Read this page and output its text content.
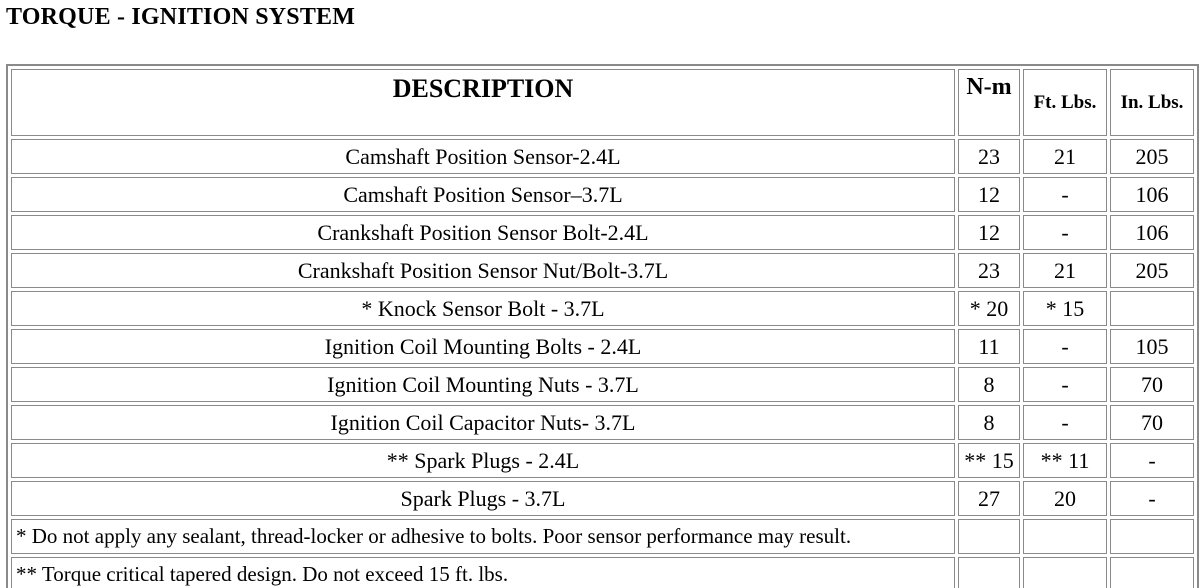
TORQUE - IGNITION SYSTEM
DESCRIPTION	N-m	Ft. Lbs.	In. Lbs.
Camshaft Position Sensor-2.4L	23	21	205
Camshaft Position Sensor–3.7L	12	-	106
Crankshaft Position Sensor Bolt-2.4L	12	-	106
Crankshaft Position Sensor Nut/Bolt-3.7L	23	21	205
* Knock Sensor Bolt - 3.7L	* 20	* 15	
Ignition Coil Mounting Bolts - 2.4L	11	-	105
Ignition Coil Mounting Nuts - 3.7L	8	-	70
Ignition Coil Capacitor Nuts- 3.7L	8	-	70
** Spark Plugs - 2.4L	** 15	** 11	-
Spark Plugs - 3.7L	27	20	-
* Do not apply any sealant, thread-locker or adhesive to bolts. Poor sensor performance may result.			
** Torque critical tapered design. Do not exceed 15 ft. lbs.			
